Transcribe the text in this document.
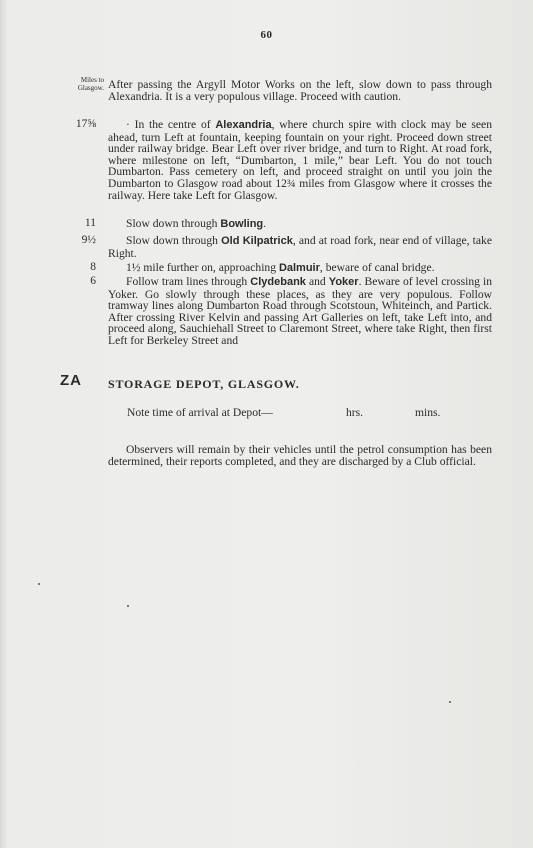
60
Miles to
Glasgow. After passing the Argyll Motor Works on the left, slow down to pass through Alexandria. It is a very populous village. Proceed with caution.
17⅝	· In the centre of Alexandria, where church spire with clock may be seen ahead, turn Left at fountain, keeping fountain on your right. Proceed down street under railway bridge. Bear Left over river bridge, and turn to Right. At road fork, where milestone on left, “Dumbarton, 1 mile,” bear Left. You do not touch Dumbarton. Pass cemetery on left, and proceed straight on until you join the Dumbarton to Glasgow road about 12¾ miles from Glasgow where it crosses the railway. Here take Left for Glasgow.
11	Slow down through Bowling.
9½	Slow down through Old Kilpatrick, and at road fork, near end of village, take Right.
8	1½ mile further on, approaching Dalmuir, beware of canal bridge.
6	Follow tram lines through Clydebank and Yoker. Beware of level crossing in Yoker. Go slowly through these places, as they are very populous. Follow tramway lines along Dumbarton Road through Scotstoun, Whiteinch, and Partick. After crossing River Kelvin and passing Art Galleries on left, take Left into, and proceed along, Sauchiehall Street to Claremont Street, where take Right, then first Left for Berkeley Street and
ZA STORAGE DEPOT, GLASGOW.
Note time of arrival at Depot—	hrs.	mins.
Observers will remain by their vehicles until the petrol consumption has been determined, their reports completed, and they are discharged by a Club official.
